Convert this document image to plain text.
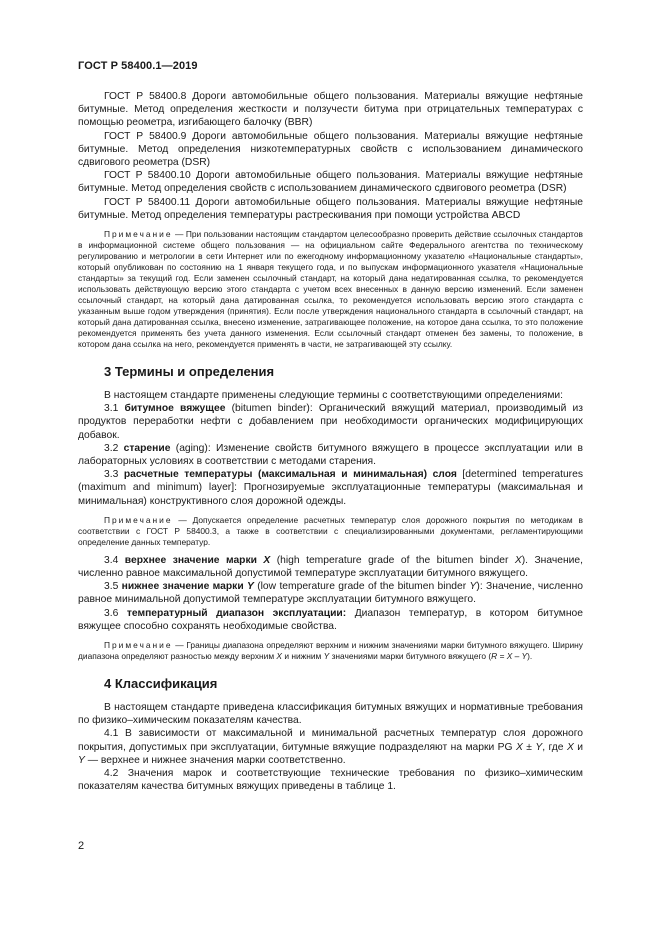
ГОСТ Р 58400.1—2019

ГОСТ Р 58400.8 Дороги автомобильные общего пользования. Материалы вяжущие нефтяные битумные. Метод определения жесткости и ползучести битума при отрицательных температурах с помощью реометра, изгибающего балочку (BBR)

ГОСТ Р 58400.9 Дороги автомобильные общего пользования. Материалы вяжущие нефтяные битумные. Метод определения низкотемпературных свойств с использованием динамического сдвигового реометра (DSR)

ГОСТ Р 58400.10 Дороги автомобильные общего пользования. Материалы вяжущие нефтяные битумные. Метод определения свойств с использованием динамического сдвигового реометра (DSR)

ГОСТ Р 58400.11 Дороги автомобильные общего пользования. Материалы вяжущие нефтяные битумные. Метод определения температуры растрескивания при помощи устройства ABCD

Примечание — При пользовании настоящим стандартом целесообразно проверить действие ссылочных стандартов в информационной системе общего пользования — на официальном сайте Федерального агентства по техническому регулированию и метрологии в сети Интернет или по ежегодному информационному указателю «Национальные стандарты», который опубликован по состоянию на 1 января текущего года, и по выпускам информационного указателя «Национальные стандарты» за текущий год. Если заменен ссылочный стандарт, на который дана недатированная ссылка, то рекомендуется использовать действующую версию этого стандарта с учетом всех внесенных в данную версию изменений. Если заменен ссылочный стандарт, на который дана датированная ссылка, то рекомендуется использовать версию этого стандарта с указанным выше годом утверждения (принятия). Если после утверждения национального стандарта в ссылочный стандарт, на который дана датированная ссылка, внесено изменение, затрагивающее положение, на которое дана ссылка, то это положение рекомендуется применять без учета данного изменения. Если ссылочный стандарт отменен без замены, то положение, в котором дана ссылка на него, рекомендуется применять в части, не затрагивающей эту ссылку.

3 Термины и определения

В настоящем стандарте применены следующие термины с соответствующими определениями:

3.1 битумное вяжущее (bitumen binder): Органический вяжущий материал, производимый из продуктов переработки нефти с добавлением при необходимости органических модифицирующих добавок.

3.2 старение (aging): Изменение свойств битумного вяжущего в процессе эксплуатации или в лабораторных условиях в соответствии с методами старения.

3.3 расчетные температуры (максимальная и минимальная) слоя [determined temperatures (maximum and minimum) layer]: Прогнозируемые эксплуатационные температуры (максимальная и минимальная) конструктивного слоя дорожной одежды.

Примечание — Допускается определение расчетных температур слоя дорожного покрытия по методикам в соответствии с ГОСТ Р 58400.3, а также в соответствии с специализированными документами, регламентирующими определение данных температур.

3.4 верхнее значение марки X (high temperature grade of the bitumen binder X). Значение, численно равное максимальной допустимой температуре эксплуатации битумного вяжущего.

3.5 нижнее значение марки Y (low temperature grade of the bitumen binder Y): Значение, численно равное минимальной допустимой температуре эксплуатации битумного вяжущего.

3.6 температурный диапазон эксплуатации: Диапазон температур, в котором битумное вяжущее способно сохранять необходимые свойства.

Примечание — Границы диапазона определяют верхним и нижним значениями марки битумного вяжущего. Ширину диапазона определяют разностью между верхним X и нижним Y значениями марки битумного вяжущего (R = X – Y).

4 Классификация

В настоящем стандарте приведена классификация битумных вяжущих и нормативные требования по физико–химическим показателям качества.

4.1 В зависимости от максимальной и минимальной расчетных температур слоя дорожного покрытия, допустимых при эксплуатации, битумные вяжущие подразделяют на марки PG X ± Y, где X и Y — верхнее и нижнее значения марки соответственно.

4.2 Значения марок и соответствующие технические требования по физико–химическим показателям качества битумных вяжущих приведены в таблице 1.

2
